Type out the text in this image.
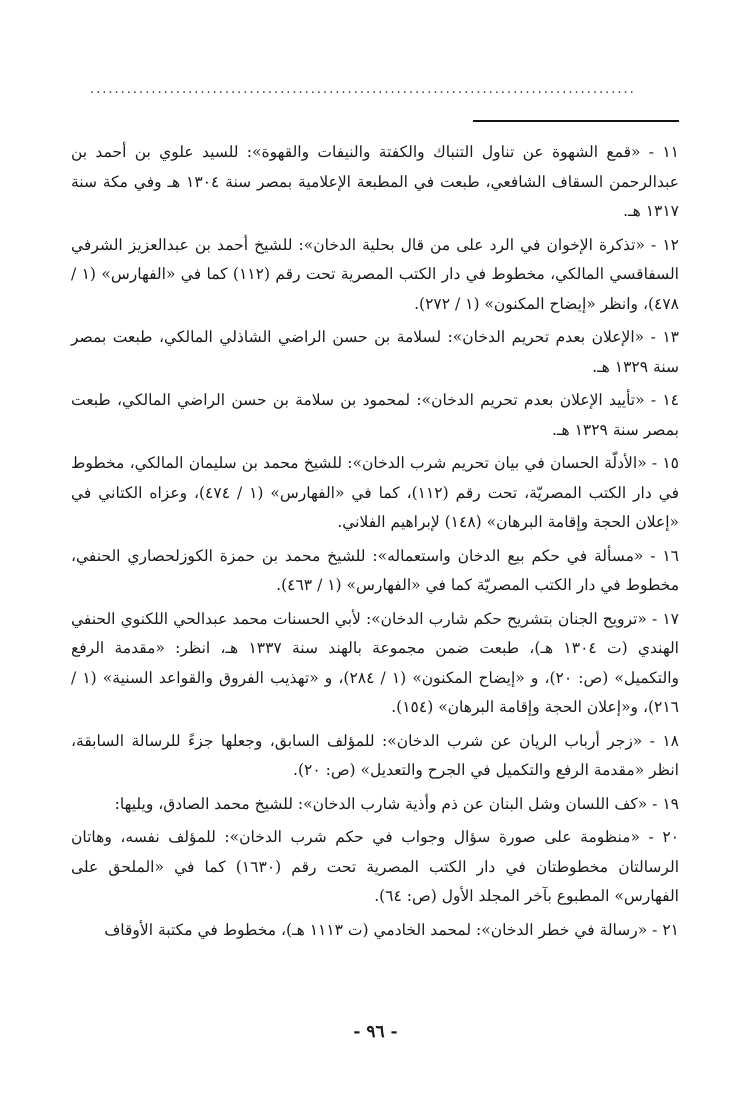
.........................................................................................

١١ - «قمع الشهوة عن تناول التنباك والكفتة والنيفات والقهوة»: للسيد علوي بن أحمد بن عبدالرحمن السقاف الشافعي، طبعت في المطبعة الإعلامية بمصر سنة ١٣٠٤ هـ وفي مكة سنة ١٣١٧ هـ.

١٢ - «تذكرة الإخوان في الرد على من قال بحلية الدخان»: للشيخ أحمد بن عبدالعزيز الشرفي السفاقسي المالكي، مخطوط في دار الكتب المصرية تحت رقم (١١٢) كما في «الفهارس» (١ / ٤٧٨)، وانظر «إيضاح المكنون» (١ / ٢٧٢).

١٣ - «الإعلان بعدم تحريم الدخان»: لسلامة بن حسن الراضي الشاذلي المالكي، طبعت بمصر سنة ١٣٢٩ هـ.

١٤ - «تأييد الإعلان بعدم تحريم الدخان»: لمحمود بن سلامة بن حسن الراضي المالكي، طبعت بمصر سنة ١٣٢٩ هـ.

١٥ - «الأدلّة الحسان في بيان تحريم شرب الدخان»: للشيخ محمد بن سليمان المالكي، مخطوط في دار الكتب المصريّة، تحت رقم (١١٢)، كما في «الفهارس» (١ / ٤٧٤)، وعزاه الكتاني في «إعلان الحجة وإقامة البرهان» (١٤٨) لإبراهيم الفلاني.

١٦ - «مسألة في حكم بيع الدخان واستعماله»: للشيخ محمد بن حمزة الكوزلحصاري الحنفي، مخطوط في دار الكتب المصريّة كما في «الفهارس» (١ / ٤٦٣).

١٧ - «ترويح الجنان بتشريح حكم شارب الدخان»: لأبي الحسنات محمد عبدالحي اللكنوي الحنفي الهندي (ت ١٣٠٤ هـ)، طبعت ضمن مجموعة بالهند سنة ١٣٣٧ هـ، انظر: «مقدمة الرفع والتكميل» (ص: ٢٠)، و «إيضاح المكنون» (١ / ٢٨٤)، و «تهذيب الفروق والقواعد السنية» (١ / ٢١٦)، و«إعلان الحجة وإقامة البرهان» (١٥٤).

١٨ - «زجر أرباب الريان عن شرب الدخان»: للمؤلف السابق، وجعلها جزءً للرسالة السابقة، انظر «مقدمة الرفع والتكميل في الجرح والتعديل» (ص: ٢٠).

١٩ - «كف اللسان وشل البنان عن ذم وأذية شارب الدخان»: للشيخ محمد الصادق، ويليها:

٢٠ - «منظومة على صورة سؤال وجواب في حكم شرب الدخان»: للمؤلف نفسه، وهاتان الرسالتان مخطوطتان في دار الكتب المصرية تحت رقم (١٦٣٠) كما في «الملحق على الفهارس» المطبوع بآخر المجلد الأول (ص: ٦٤).

٢١ - «رسالة في خطر الدخان»: لمحمد الخادمي (ت ١١١٣ هـ)، مخطوط في مكتبة الأوقاف

- ٩٦ -
